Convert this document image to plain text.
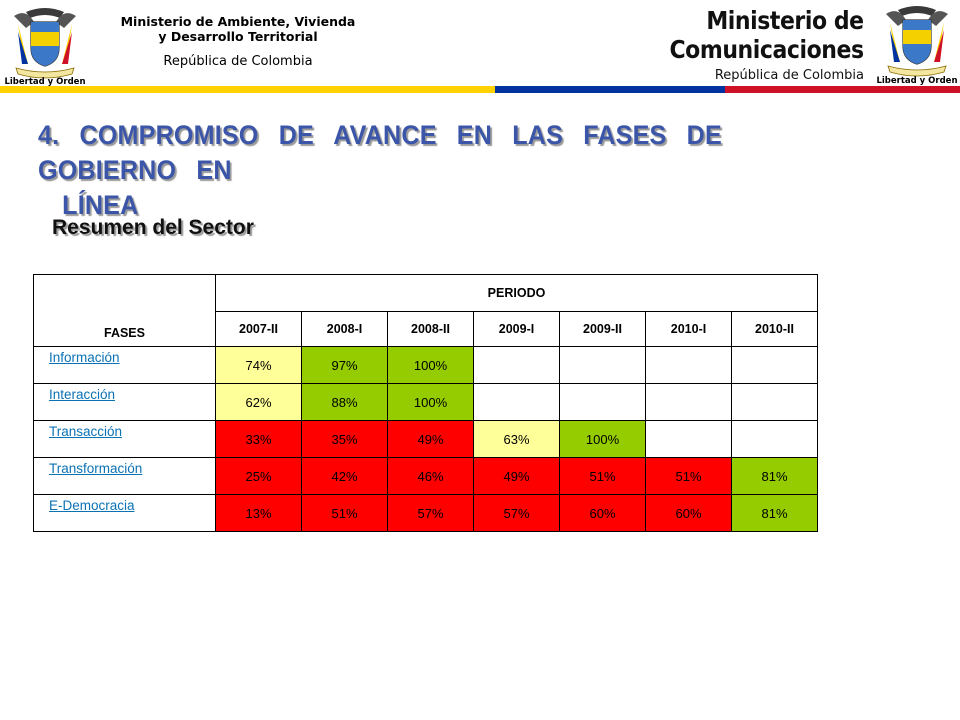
Libertad y Orden
Ministerio de Ambiente, Vivienda
y Desarrollo Territorial
República de Colombia
Ministerio de
Comunicaciones
República de Colombia Libertad y Orden
4. COMPROMISO DE AVANCE EN LAS FASES DE GOBIERNO EN
LÍNEA
Resumen del Sector
FASES	PERIODO						
	2007-II	2008-I	2008-II	2009-I	2009-II	2010-I	2010-II
Información	74%	97%	100%				
Interacción	62%	88%	100%				
Transacción	33%	35%	49%	63%	100%		
Transformación	25%	42%	46%	49%	51%	51%	81%
E-Democracia	13%	51%	57%	57%	60%	60%	81%
